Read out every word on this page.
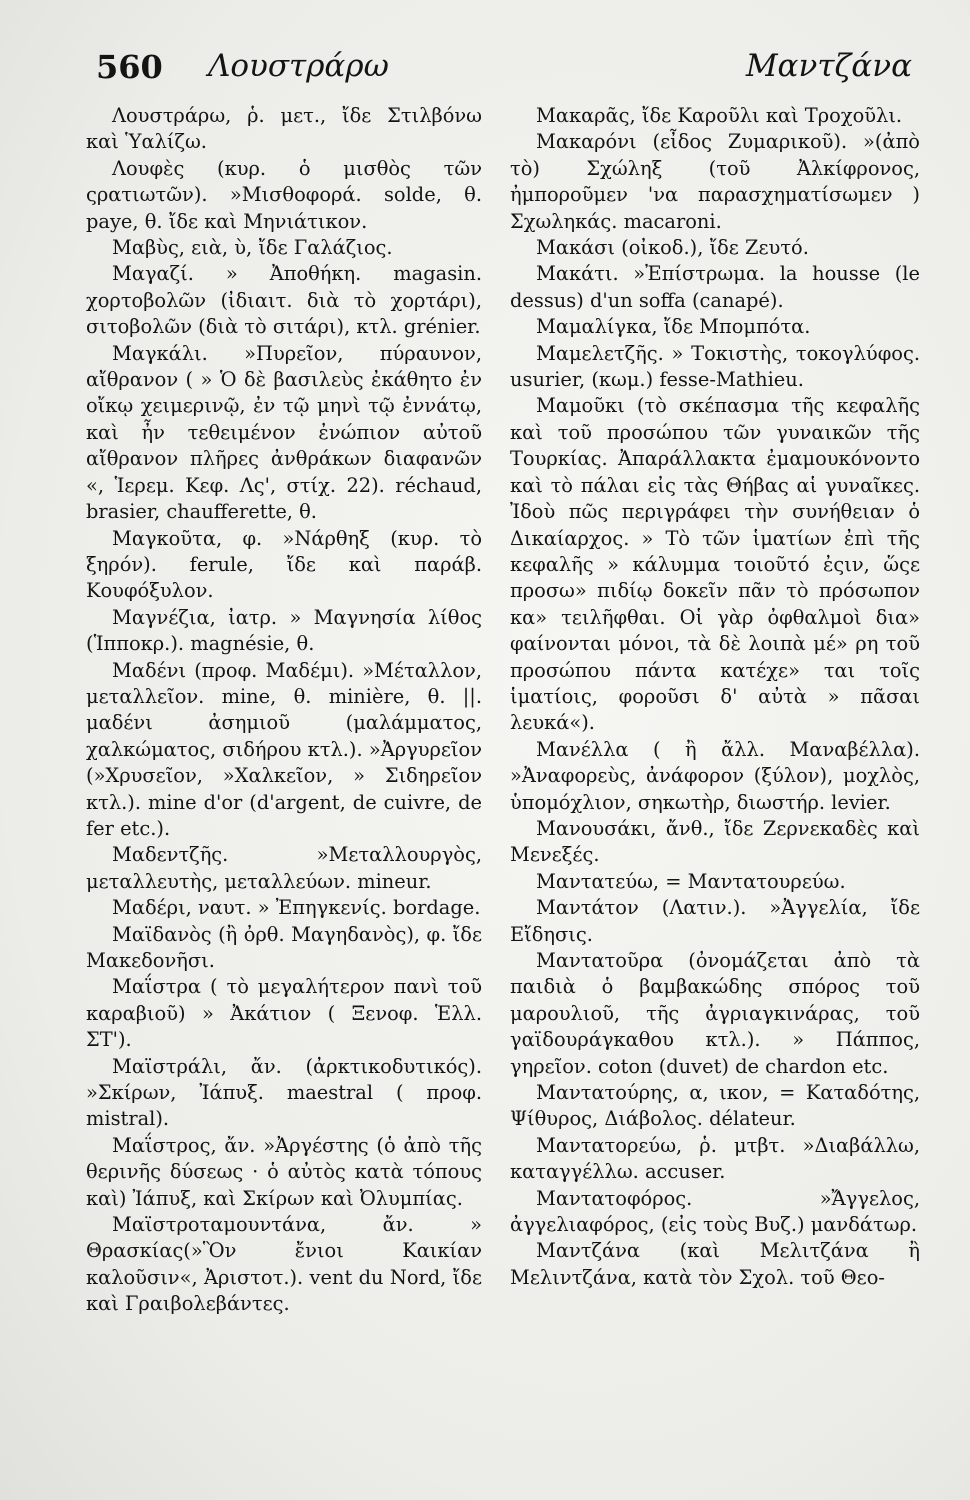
560 Λουστράρω	Μαντζάνα

Λουστράρω, ῥ. μετ., ἴδε Στιλβόνω καὶ Ὑαλίζω.

Λουφὲς (κυρ. ὁ μισθὸς τῶν ςρατιωτῶν). »Μισθοφορά. solde, θ. paye, θ. ἴδε καὶ Μηνιάτικον.

Μαβὺς, ειὰ, ὺ, ἴδε Γαλάζιος.

Μαγαζί. » Ἀποθήκη. magasin. χορτοβολῶν (ἰδιαιτ. διὰ τὸ χορτάρι), σιτοβολῶν (διὰ τὸ σιτάρι), κτλ. grénier.

Μαγκάλι. »Πυρεῖον, πύραυνον, αἴθρανον ( » Ὁ δὲ βασιλεὺς ἐκάθητο ἐν οἴκῳ χειμερινῷ, ἐν τῷ μηνὶ τῷ ἐννάτῳ, καὶ ἦν τεθειμένον ἐνώπιον αὐτοῦ αἴθρανον πλῆρες ἀνθράκων διαφανῶν «, Ἱερεμ. Κεφ. Λς', στίχ. 22). réchaud, brasier, chaufferette, θ.

Μαγκοῦτα, φ. »Νάρθηξ (κυρ. τὸ ξηρόν). ferule, ἴδε καὶ παράβ. Κουφόξυλον.

Μαγνέζια, ἰατρ. » Μαγνησία λίθος (Ἱπποκρ.). magnésie, θ.

Μαδένι (προφ. Μαδέμι). »Μέταλλον, μεταλλεῖον. mine, θ. minière, θ. ||. μαδένι ἀσημιοῦ (μαλάμματος, χαλκώματος, σιδήρου κτλ.). »Ἀργυρεῖον (»Χρυσεῖον, »Χαλκεῖον, » Σιδηρεῖον κτλ.). mine d'or (d'argent, de cuivre, de fer etc.).

Μαδεντζῆς. »Μεταλλουργὸς, μεταλλευτὴς, μεταλλεύων. mineur.

Μαδέρι, ναυτ. » Ἐπηγκενίς. bordage.

Μαϊδανὸς (ἢ ὀρθ. Μαγηδανὸς), φ. ἴδε Μακεδονῆσι.

Μαΐστρα ( τὸ μεγαλήτερον πανὶ τοῦ καραβιοῦ) » Ἀκάτιον ( Ξενοφ. Ἑλλ. ΣΤ').

Μαϊστράλι, ἄν. (ἀρκτικοδυτικός). »Σκίρων, Ἰάπυξ. maestral ( προφ. mistral).

Μαΐστρος, ἄν. »Ἀργέστης (ὁ ἀπὸ τῆς θερινῆς δύσεως · ὁ αὐτὸς κατὰ τόπους καὶ) Ἰάπυξ, καὶ Σκίρων καὶ Ὀλυμπίας.

Μαϊστροταμουντάνα, ἄν. » Θρασκίας(»Ὃν ἔνιοι Καικίαν καλοῦσιν«, Ἀριστοτ.). vent du Nord, ἴδε καὶ Γραιβολεβάντες.

Μακαρᾶς, ἴδε Καροῦλι καὶ Τροχοῦλι.

Μακαρόνι (εἶδος Ζυμαρικοῦ). »(ἀπὸ τὸ) Σχώληξ (τοῦ Ἀλκίφρονος, ἠμποροῦμεν 'να παρασχηματίσωμεν ) Σχωληκάς. macaroni.

Μακάσι (οἰκοδ.), ἴδε Ζευτό.

Μακάτι. »Ἐπίστρωμα. la housse (le dessus) d'un soffa (canapé).

Μαμαλίγκα, ἴδε Μπομπότα.

Μαμελετζῆς. » Τοκιστὴς, τοκογλύφος. usurier, (κωμ.) fesse-Mathieu.

Μαμοῦκι (τὸ σκέπασμα τῆς κεφαλῆς καὶ τοῦ προσώπου τῶν γυναικῶν τῆς Τουρκίας. Ἀπαράλλακτα ἐμαμουκόνοντο καὶ τὸ πάλαι εἰς τὰς Θήβας αἱ γυναῖκες. Ἰδοὺ πῶς περιγράφει τὴν συνήθειαν ὁ Δικαίαρχος. » Τὸ τῶν ἱματίων ἐπὶ τῆς κεφαλῆς » κάλυμμα τοιοῦτό ἐςιν, ὥςε προσω» πιδίῳ δοκεῖν πᾶν τὸ πρόσωπον κα» τειλῆφθαι. Οἱ γὰρ ὀφθαλμοὶ δια» φαίνονται μόνοι, τὰ δὲ λοιπὰ μέ» ρη τοῦ προσώπου πάντα κατέχε» ται τοῖς ἱματίοις, φοροῦσι δ' αὐτὰ » πᾶσαι λευκά«).

Μανέλλα ( ἢ ἄλλ. Μαναβέλλα). »Ἀναφορεὺς, ἀνάφορον (ξύλον), μοχλὸς, ὑπομόχλιον, σηκωτὴρ, διωστήρ. levier.

Μανουσάκι, ἄνθ., ἴδε Ζερνεκαδὲς καὶ Μενεξές.

Μαντατεύω, = Μαντατουρεύω.

Μαντάτον (Λατιν.). »Ἀγγελία, ἴδε Εἴδησις.

Μαντατοῦρα (ὀνομάζεται ἀπὸ τὰ παιδιὰ ὁ βαμβακώδης σπόρος τοῦ μαρουλιοῦ, τῆς ἀγριαγκινάρας, τοῦ γαϊδουράγκαθου κτλ.). » Πάππος, γηρεῖον. coton (duvet) de chardon etc.

Μαντατούρης, α, ικον, = Καταδότης, Ψίθυρος, Διάβολος. délateur.

Μαντατορεύω, ῥ. μτβτ. »Διαβάλλω, καταγγέλλω. accuser.

Μαντατοφόρος. »Ἄγγελος, ἀγγελιαφόρος, (εἰς τοὺς Βυζ.) μανδάτωρ.

Μαντζάνα (καὶ Μελιτζάνα ἢ Μελιντζάνα, κατὰ τὸν Σχολ. τοῦ Θεο-
